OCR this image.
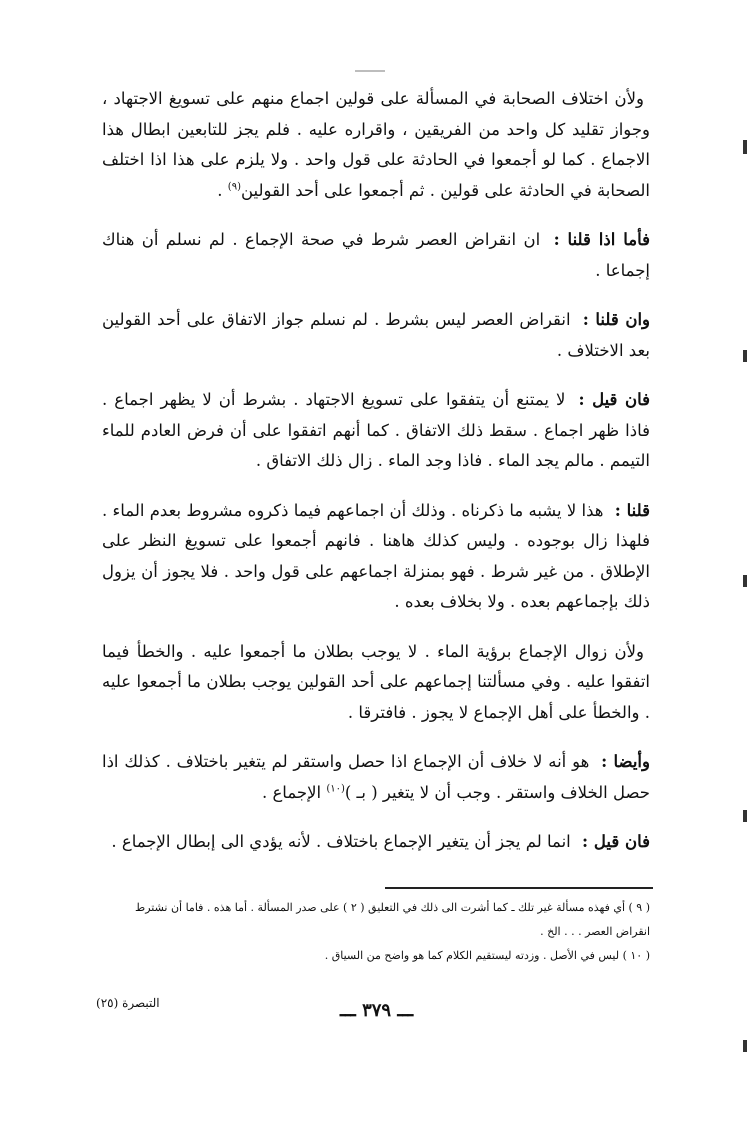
ولأن اختلاف الصحابة في المسألة على قولين اجماع منهم على تسويغ الاجتهاد ، وجواز تقليد كل واحد من الفريقين ، واقراره عليه . فلم يجز للتابعين ابطال هذا الاجماع . كما لو أجمعوا في الحادثة على قول واحد . ولا يلزم على هذا اذا اختلف الصحابة في الحادثة على قولين . ثم أجمعوا على أحد القولين$^{(٩)}$ .

فأما اذا قلنا : ان انقراض العصر شرط في صحة الإجماع . لم نسلم أن هناك إجماعا .

وان قلنا : انقراض العصر ليس بشرط . لم نسلم جواز الاتفاق على أحد القولين بعد الاختلاف .

فان قيل : لا يمتنع أن يتفقوا على تسويغ الاجتهاد . بشرط أن لا يظهر اجماع . فاذا ظهر اجماع . سقط ذلك الاتفاق . كما أنهم اتفقوا على أن فرض العادم للماء التيمم . مالم يجد الماء . فاذا وجد الماء . زال ذلك الاتفاق .

قلنا : هذا لا يشبه ما ذكرناه . وذلك أن اجماعهم فيما ذكروه مشروط بعدم الماء . فلهذا زال بوجوده . وليس كذلك هاهنا . فانهم أجمعوا على تسويغ النظر على الإطلاق . من غير شرط . فهو بمنزلة اجماعهم على قول واحد . فلا يجوز أن يزول ذلك بإجماعهم بعده . ولا بخلاف بعده .

ولأن زوال الإجماع برؤية الماء . لا يوجب بطلان ما أجمعوا عليه . والخطأ فيما اتفقوا عليه . وفي مسألتنا إجماعهم على أحد القولين يوجب بطلان ما أجمعوا عليه . والخطأ على أهل الإجماع لا يجوز . فافترقا .

وأيضا : هو أنه لا خلاف أن الإجماع اذا حصل واستقر لم يتغير باختلاف . كذلك اذا حصل الخلاف واستقر . وجب أن لا يتغير ( بـ )$^{(١٠)}$ الإجماع .

فان قيل : انما لم يجز أن يتغير الإجماع باختلاف . لأنه يؤدي الى إبطال الإجماع .

( ٩ ) أي فهذه مسألة غير تلك ـ كما أشرت الى ذلك في التعليق ( ٢ ) على صدر المسألة . أما هذه . فاما أن نشترط انقراض العصر . . . الخ .

( ١٠ ) ليس في الأصل . وزدته ليستقيم الكلام كما هو واضح من السياق .

ـــ ٣٧٩ ـــ
التبصرة (٢٥)
